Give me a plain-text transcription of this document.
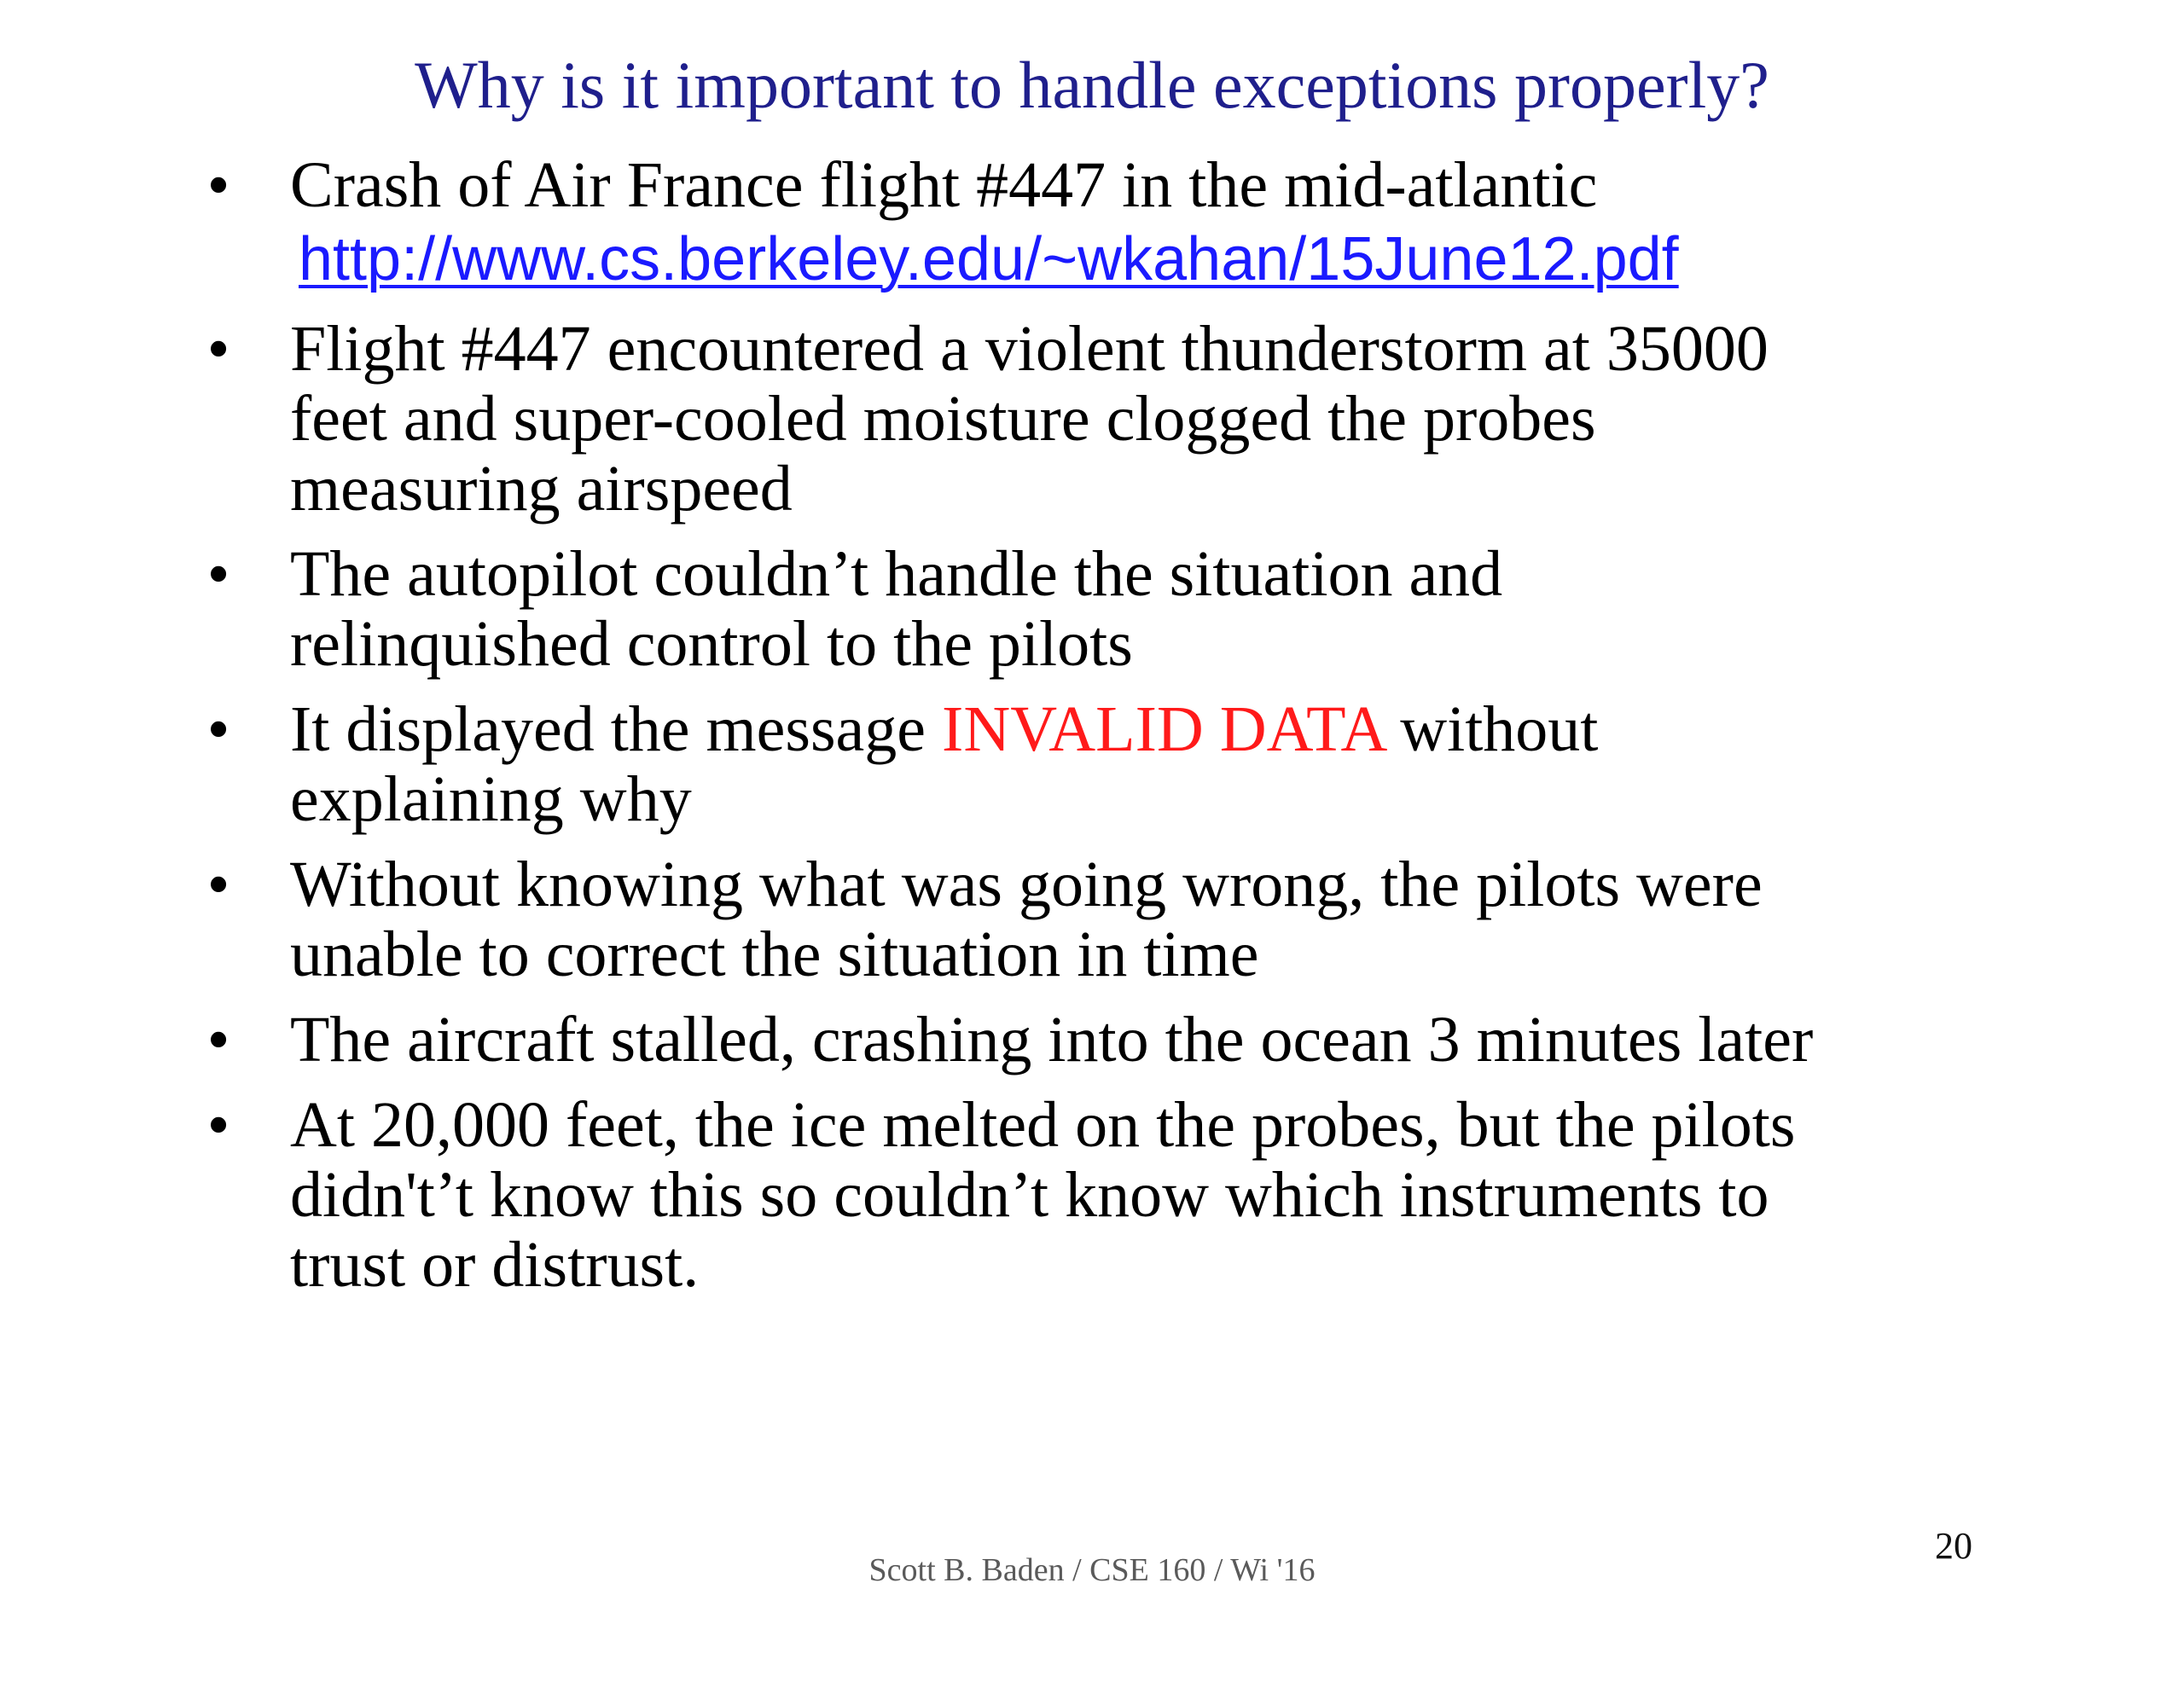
Why is it important to handle exceptions properly?
• Crash of Air France flight #447 in the mid-atlantic
http://www.cs.berkeley.edu/~wkahan/15June12.pdf
• Flight #447 encountered a violent thunderstorm at 35000
feet and super-cooled moisture clogged the probes
measuring airspeed
• The autopilot couldn’t handle the situation and
relinquished control to the pilots
• It displayed the message INVALID DATA without
explaining why
• Without knowing what was going wrong, the pilots were
unable to correct the situation in time
• The aircraft stalled, crashing into the ocean 3 minutes later
• At 20,000 feet, the ice melted on the probes, but the pilots
didn't’t know this so couldn’t know which instruments to
trust or distrust.
Scott B. Baden / CSE 160 / Wi '16
20
